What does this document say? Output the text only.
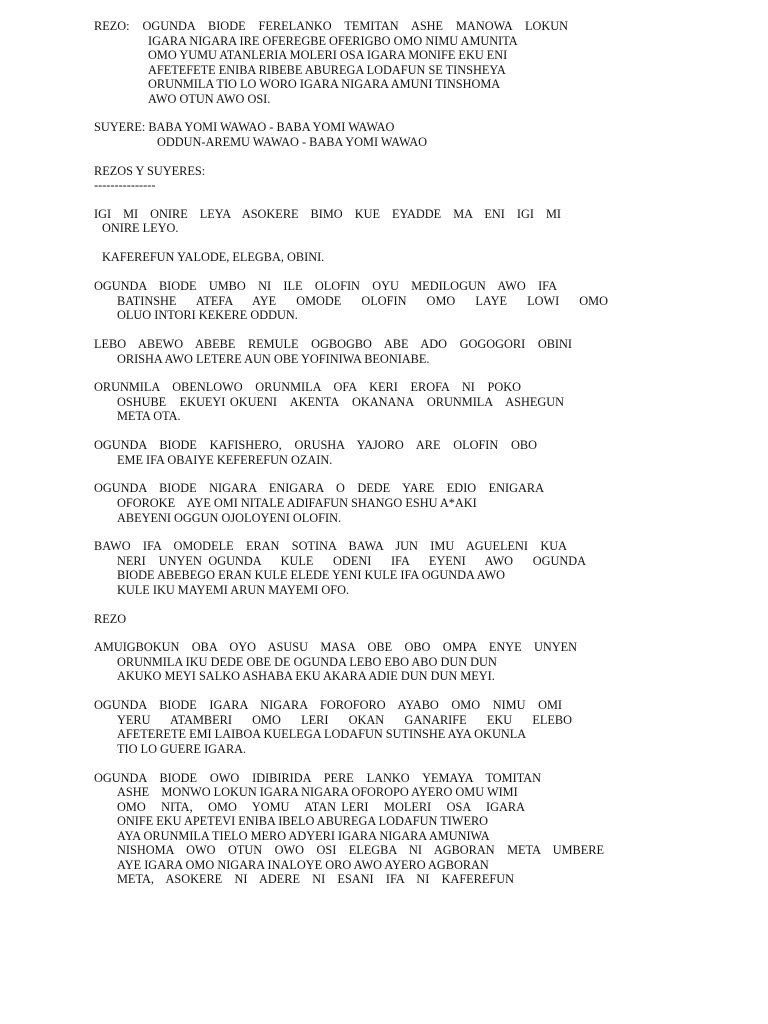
REZO:   OGUNDA   BIODE   FERELANKO   TEMITAN   ASHE   MANOWA   LOKUN
IGARA NIGARA IRE OFEREGBE OFERIGBO OMO NIMU AMUNITA
OMO YUMU ATANLERIA MOLERI OSA IGARA MONIFE EKU ENI
AFETEFETE ENIBA RIBEBE ABUREGA LODAFUN SE TINSHEYA
ORUNMILA TIO LO WORO IGARA NIGARA AMUNI TINSHOMA
AWO OTUN AWO OSI.
SUYERE: BABA YOMI WAWAO - BABA YOMI WAWAO
ODDUN-AREMU WAWAO - BABA YOMI WAWAO
REZOS Y SUYERES:
---------------
IGI   MI   ONIRE   LEYA   ASOKERE   BIMO   KUE   EYADDE   MA   ENI   IGI   MI
ONIRE LEYO.
KAFEREFUN YALODE, ELEGBA, OBINI.
OGUNDA   BIODE   UMBO   NI   ILE   OLOFIN   OYU   MEDILOGUN   AWO   IFA
BATINSHE   ATEFA   AYE   OMODE   OLOFIN   OMO   LAYE   LOWI   OMO
OLUO INTORI KEKERE ODDUN.
LEBO   ABEWO   ABEBE   REMULE   OGBOGBO   ABE   ADO   GOGOGORI   OBINI
ORISHA AWO LETERE AUN OBE YOFINIWA BEONIABE.
ORUNMILA   OBENLOWO   ORUNMILA   OFA   KERI   EROFA   NI   POKO
OSHUBE   EKUEYI OKUENI   AKENTA   OKANANA   ORUNMILA   ASHEGUN
META OTA.
OGUNDA   BIODE   KAFISHERO,   ORUSHA   YAJORO   ARE   OLOFIN   OBO
EME IFA OBAIYE KEFEREFUN OZAIN.
OGUNDA   BIODE   NIGARA   ENIGARA   O   DEDE   YARE   EDIO   ENIGARA
OFOROKE    AYE OMI NITALE ADIFAFUN SHANGO ESHU A*AKI
ABEYENI OGGUN OJOLOYENI OLOFIN.
BAWO   IFA   OMODELE   ERAN   SOTINA   BAWA   JUN   IMU   AGUELENI   KUA
NERI  UNYEN OGUNDA   KULE   ODENI   IFA   EYENI   AWO   OGUNDA
BIODE ABEBEGO ERAN KULE ELEDE YENI KULE IFA OGUNDA AWO
KULE IKU MAYEMI ARUN MAYEMI OFO.
REZO
AMUIGBOKUN   OBA   OYO   ASUSU   MASA   OBE   OBO   OMPA   ENYE   UNYEN
ORUNMILA IKU DEDE OBE DE OGUNDA LEBO EBO ABO DUN DUN
AKUKO MEYI SALKO ASHABA EKU AKARA ADIE DUN DUN MEYI.
OGUNDA   BIODE   IGARA   NIGARA   FOROFORO   AYABO   OMO   NIMU   OMI
YERU   ATAMBERI   OMO   LERI   OKAN   GANARIFE   EKU   ELEBO
AFETERETE EMI LAIBOA KUELEGA LODAFUN SUTINSHE AYA OKUNLA
TIO LO GUERE IGARA.
OGUNDA   BIODE   OWO   IDIBIRIDA   PERE   LANKO   YEMAYA   TOMITAN
ASHE    MONWO LOKUN IGARA NIGARA OFOROPO AYERO OMU WIMI
OMO   NITA,   OMO   YOMU   ATAN LERI   MOLERI   OSA   IGARA
ONIFE EKU APETEVI ENIBA IBELO ABUREGA LODAFUN TIWERO
AYA ORUNMILA TIELO MERO ADYERI IGARA NIGARA AMUNIWA
NISHOMA   OWO   OTUN   OWO   OSI   ELEGBA   NI   AGBORAN   META   UMBERE
AYE IGARA OMO NIGARA INALOYE ORO AWO AYERO AGBORAN
META,   ASOKERE   NI   ADERE   NI   ESANI   IFA   NI   KAFEREFUN
